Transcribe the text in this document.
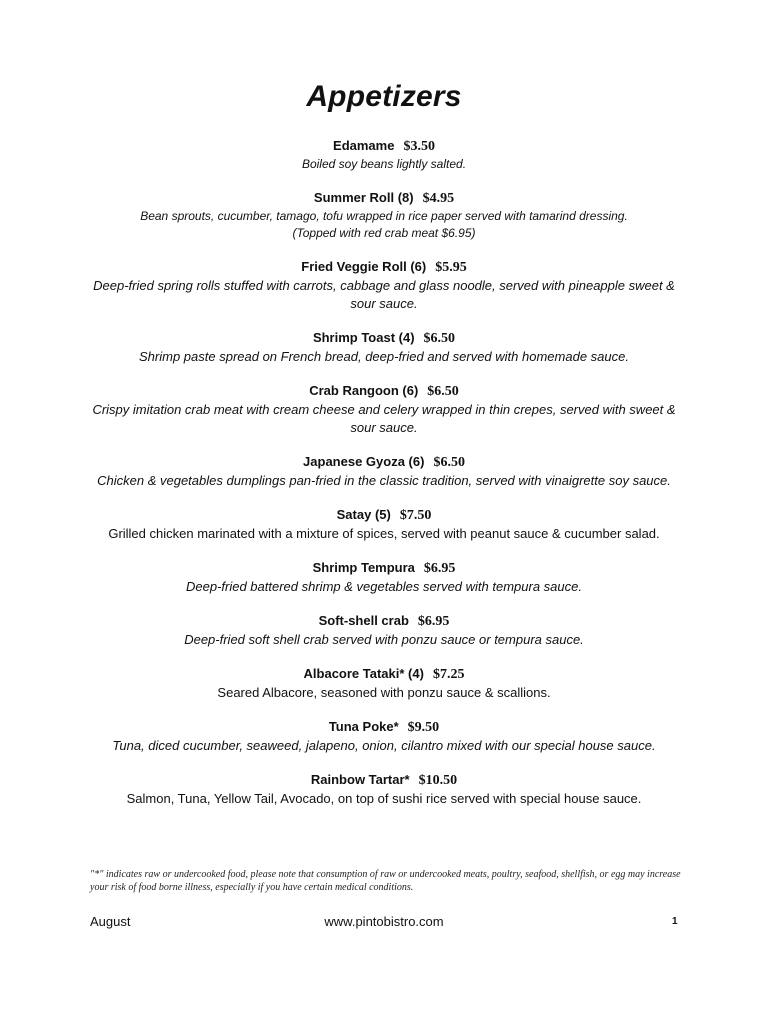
Appetizers
Edamame $3.50
Boiled soy beans lightly salted.
Summer Roll (8) $4.95
Bean sprouts, cucumber, tamago, tofu wrapped in rice paper served with tamarind dressing.
(Topped with red crab meat $6.95)
Fried Veggie Roll (6) $5.95
Deep-fried spring rolls stuffed with carrots, cabbage and glass noodle, served with pineapple sweet & sour sauce.
Shrimp Toast (4) $6.50
Shrimp paste spread on French bread, deep-fried and served with homemade sauce.
Crab Rangoon (6) $6.50
Crispy imitation crab meat with cream cheese and celery wrapped in thin crepes, served with sweet & sour sauce.
Japanese Gyoza (6) $6.50
Chicken & vegetables dumplings pan-fried in the classic tradition, served with vinaigrette soy sauce.
Satay (5) $7.50
Grilled chicken marinated with a mixture of spices, served with peanut sauce & cucumber salad.
Shrimp Tempura $6.95
Deep-fried battered shrimp & vegetables served with tempura sauce.
Soft-shell crab $6.95
Deep-fried soft shell crab served with ponzu sauce or tempura sauce.
Albacore Tataki* (4) $7.25
Seared Albacore, seasoned with ponzu sauce & scallions.
Tuna Poke* $9.50
Tuna, diced cucumber, seaweed, jalapeno, onion, cilantro mixed with our special house sauce.
Rainbow Tartar* $10.50
Salmon, Tuna, Yellow Tail, Avocado, on top of sushi rice served with special house sauce.
"*" indicates raw or undercooked food, please note that consumption of raw or undercooked meats, poultry, seafood, shellfish, or egg may increase your risk of food borne illness, especially if you have certain medical conditions.
August	www.pintobistro.com	1
